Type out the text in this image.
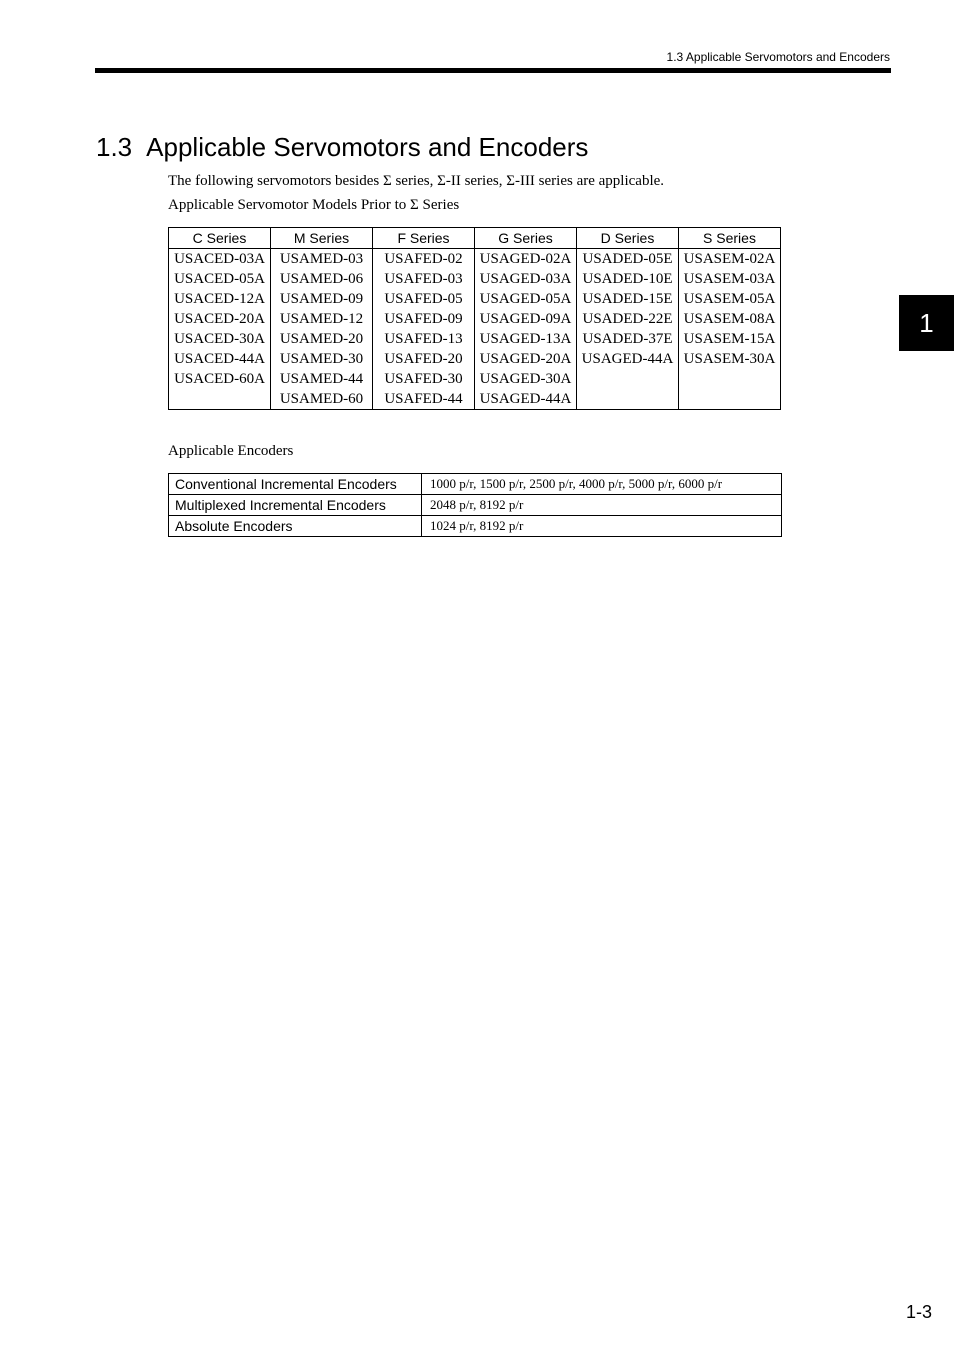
1.3 Applicable Servomotors and Encoders
1.3 Applicable Servomotors and Encoders

The following servomotors besides Σ series, Σ-II series, Σ-III series are applicable.

Applicable Servomotor Models Prior to Σ Series

C Series	M Series	F Series	G Series	D Series	S Series
USACED-03A	USAMED-03	USAFED-02	USAGED-02A	USADED-05E	USASEM-02A
USACED-05A	USAMED-06	USAFED-03	USAGED-03A	USADED-10E	USASEM-03A
USACED-12A	USAMED-09	USAFED-05	USAGED-05A	USADED-15E	USASEM-05A
USACED-20A	USAMED-12	USAFED-09	USAGED-09A	USADED-22E	USASEM-08A
USACED-30A	USAMED-20	USAFED-13	USAGED-13A	USADED-37E	USASEM-15A
USACED-44A	USAMED-30	USAFED-20	USAGED-20A	USAGED-44A	USASEM-30A
USACED-60A	USAMED-44	USAFED-30	USAGED-30A		
	USAMED-60	USAFED-44	USAGED-44A		

Applicable Encoders

Conventional Incremental Encoders	1000 p/r, 1500 p/r, 2500 p/r, 4000 p/r, 5000 p/r, 6000 p/r
Multiplexed Incremental Encoders	2048 p/r, 8192 p/r
Absolute Encoders	1024 p/r, 8192 p/r
1
1-3
